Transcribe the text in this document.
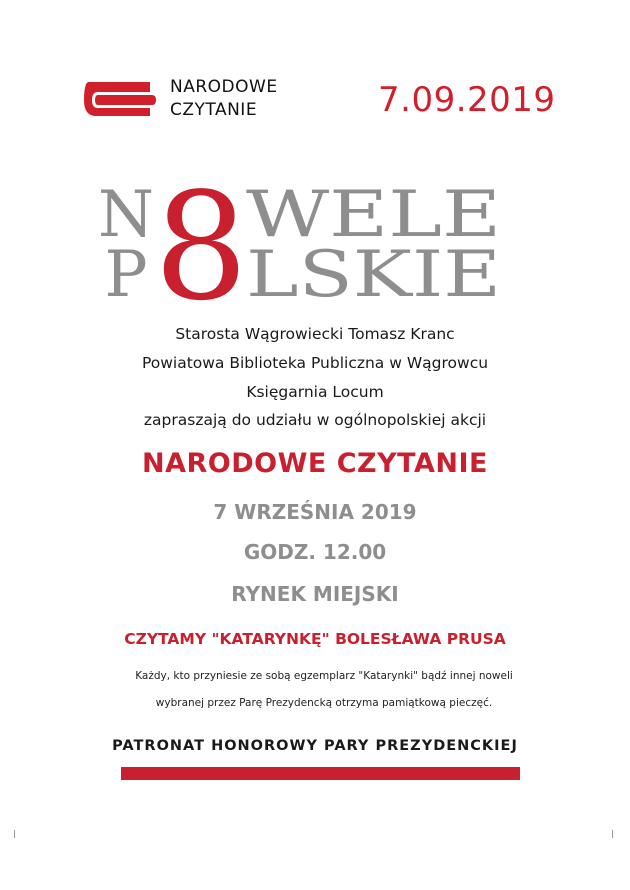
NARODOWE
CZYTANIE	7.09.2019
N WELE
P LSKIE
8
Starosta Wągrowiecki Tomasz Kranc
Powiatowa Biblioteka Publiczna w Wągrowcu
Księgarnia Locum
zapraszają do udziału w ogólnopolskiej akcji
NARODOWE CZYTANIE
7 WRZEŚNIA 2019
GODZ. 12.00
RYNEK MIEJSKI
CZYTAMY "KATARYNKĘ" BOLESŁAWA PRUSA
Każdy, kto przyniesie ze sobą egzemplarz "Katarynki" bądź innej noweli
wybranej przez Parę Prezydencką otrzyma pamiątkową pieczęć.
PATRONAT HONOROWY PARY PREZYDENCKIEJ
